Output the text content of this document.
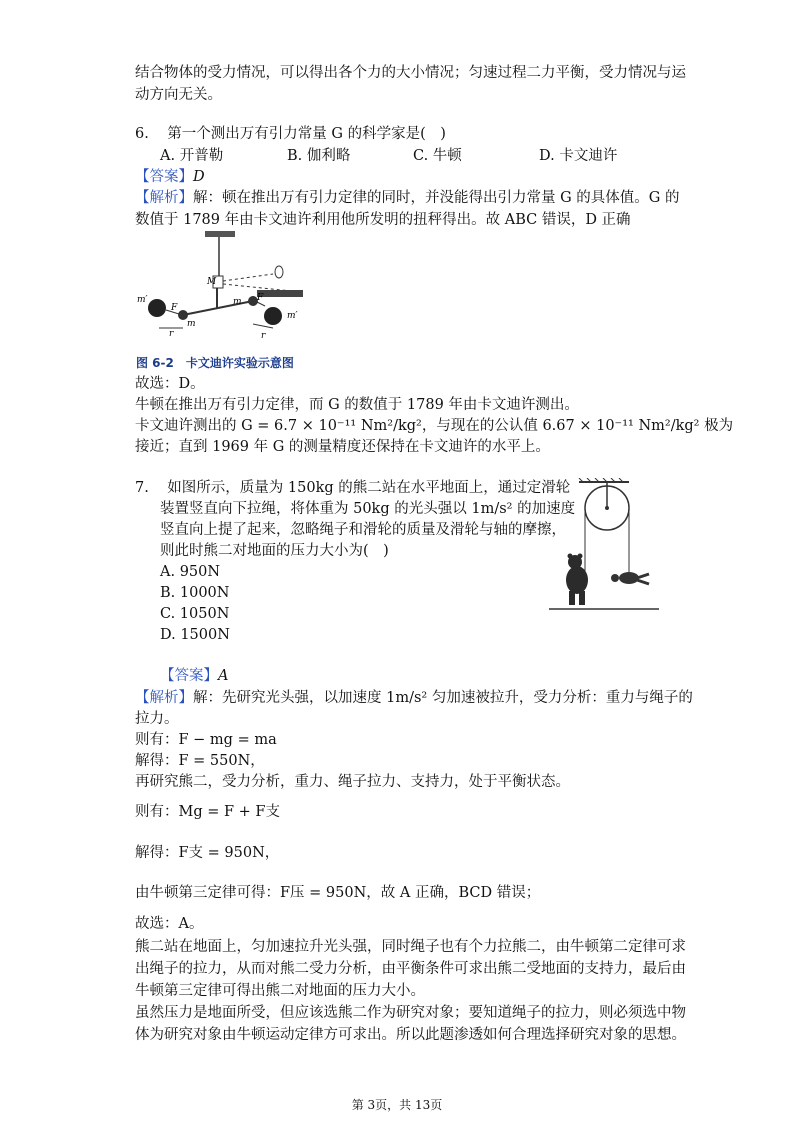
结合物体的受力情况，可以得出各个力的大小情况；匀速过程二力平衡，受力情况与运
动方向无关。
6. 第一个测出万有引力常量 G 的科学家是(　)
A. 开普勒	B. 伽利略	C. 牛顿	D. 卡文迪许
【答案】D
【解析】解：顿在推出万有引力定律的同时，并没能得出引力常量 G 的具体值。G 的
数值于 1789 年由卡文迪许利用他所发明的扭秤得出。故 ABC 错误，D 正确
M
m′
F
m
r
m F
m′
r
图 6-2　卡文迪许实验示意图
故选：D。
牛顿在推出万有引力定律，而 G 的数值于 1789 年由卡文迪许测出。
卡文迪许测出的 G = 6.7 × 10⁻¹¹ Nm²/kg²，与现在的公认值 6.67 × 10⁻¹¹ Nm²/kg² 极为
接近；直到 1969 年 G 的测量精度还保持在卡文迪许的水平上。
7. 如图所示，质量为 150kg 的熊二站在水平地面上，通过定滑轮
装置竖直向下拉绳，将体重为 50kg 的光头强以 1m/s² 的加速度
竖直向上提了起来，忽略绳子和滑轮的质量及滑轮与轴的摩擦，
则此时熊二对地面的压力大小为(　)
A. 950N
B. 1000N
C. 1050N
D. 1500N
【答案】A
【解析】解：先研究光头强，以加速度 1m/s² 匀加速被拉升，受力分析：重力与绳子的
拉力。
则有：F − mg = ma
解得：F = 550N，
再研究熊二，受力分析，重力、绳子拉力、支持力，处于平衡状态。
则有：Mg = F + F支
解得：F支 = 950N，
由牛顿第三定律可得：F压 = 950N，故 A 正确，BCD 错误；
故选：A。
熊二站在地面上，匀加速拉升光头强，同时绳子也有个力拉熊二，由牛顿第二定律可求
出绳子的拉力，从而对熊二受力分析，由平衡条件可求出熊二受地面的支持力，最后由
牛顿第三定律可得出熊二对地面的压力大小。
虽然压力是地面所受，但应该选熊二作为研究对象；要知道绳子的拉力，则必须选中物
体为研究对象由牛顿运动定律方可求出。所以此题渗透如何合理选择研究对象的思想。
第 3页，共 13页
